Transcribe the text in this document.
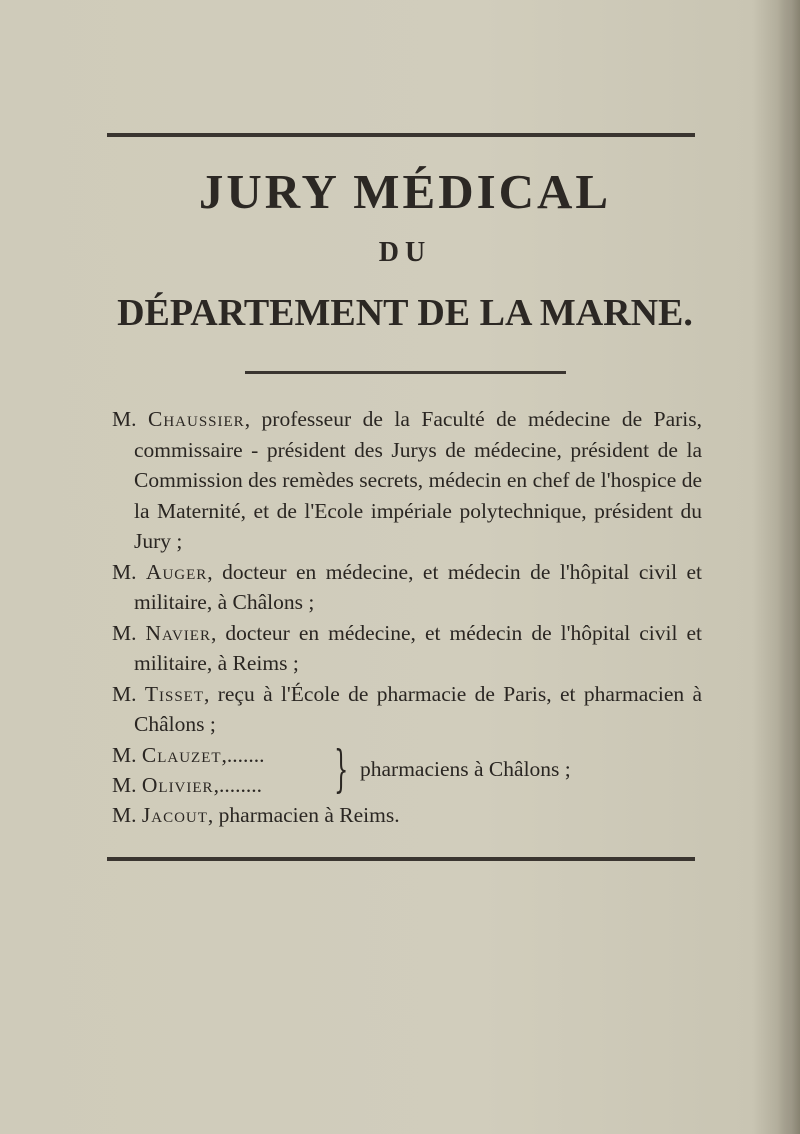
JURY MÉDICAL
DU
DÉPARTEMENT DE LA MARNE.
M. Chaussier, professeur de la Faculté de médecine de Paris, commissaire - président des Jurys de médecine, président de la Commission des remèdes secrets, médecin en chef de l'hospice de la Maternité, et de l'Ecole impériale polytechnique, président du Jury ;
M. Auger, docteur en médecine, et médecin de l'hôpital civil et militaire, à Châlons ;
M. Navier, docteur en médecine, et médecin de l'hôpital civil et militaire, à Reims ;
M. Tisset, reçu à l'École de pharmacie de Paris, et pharmacien à Châlons ;
M. Clauzet,.......
M. Olivier,........	} pharmaciens à Châlons ;
M. Jacout, pharmacien à Reims.
